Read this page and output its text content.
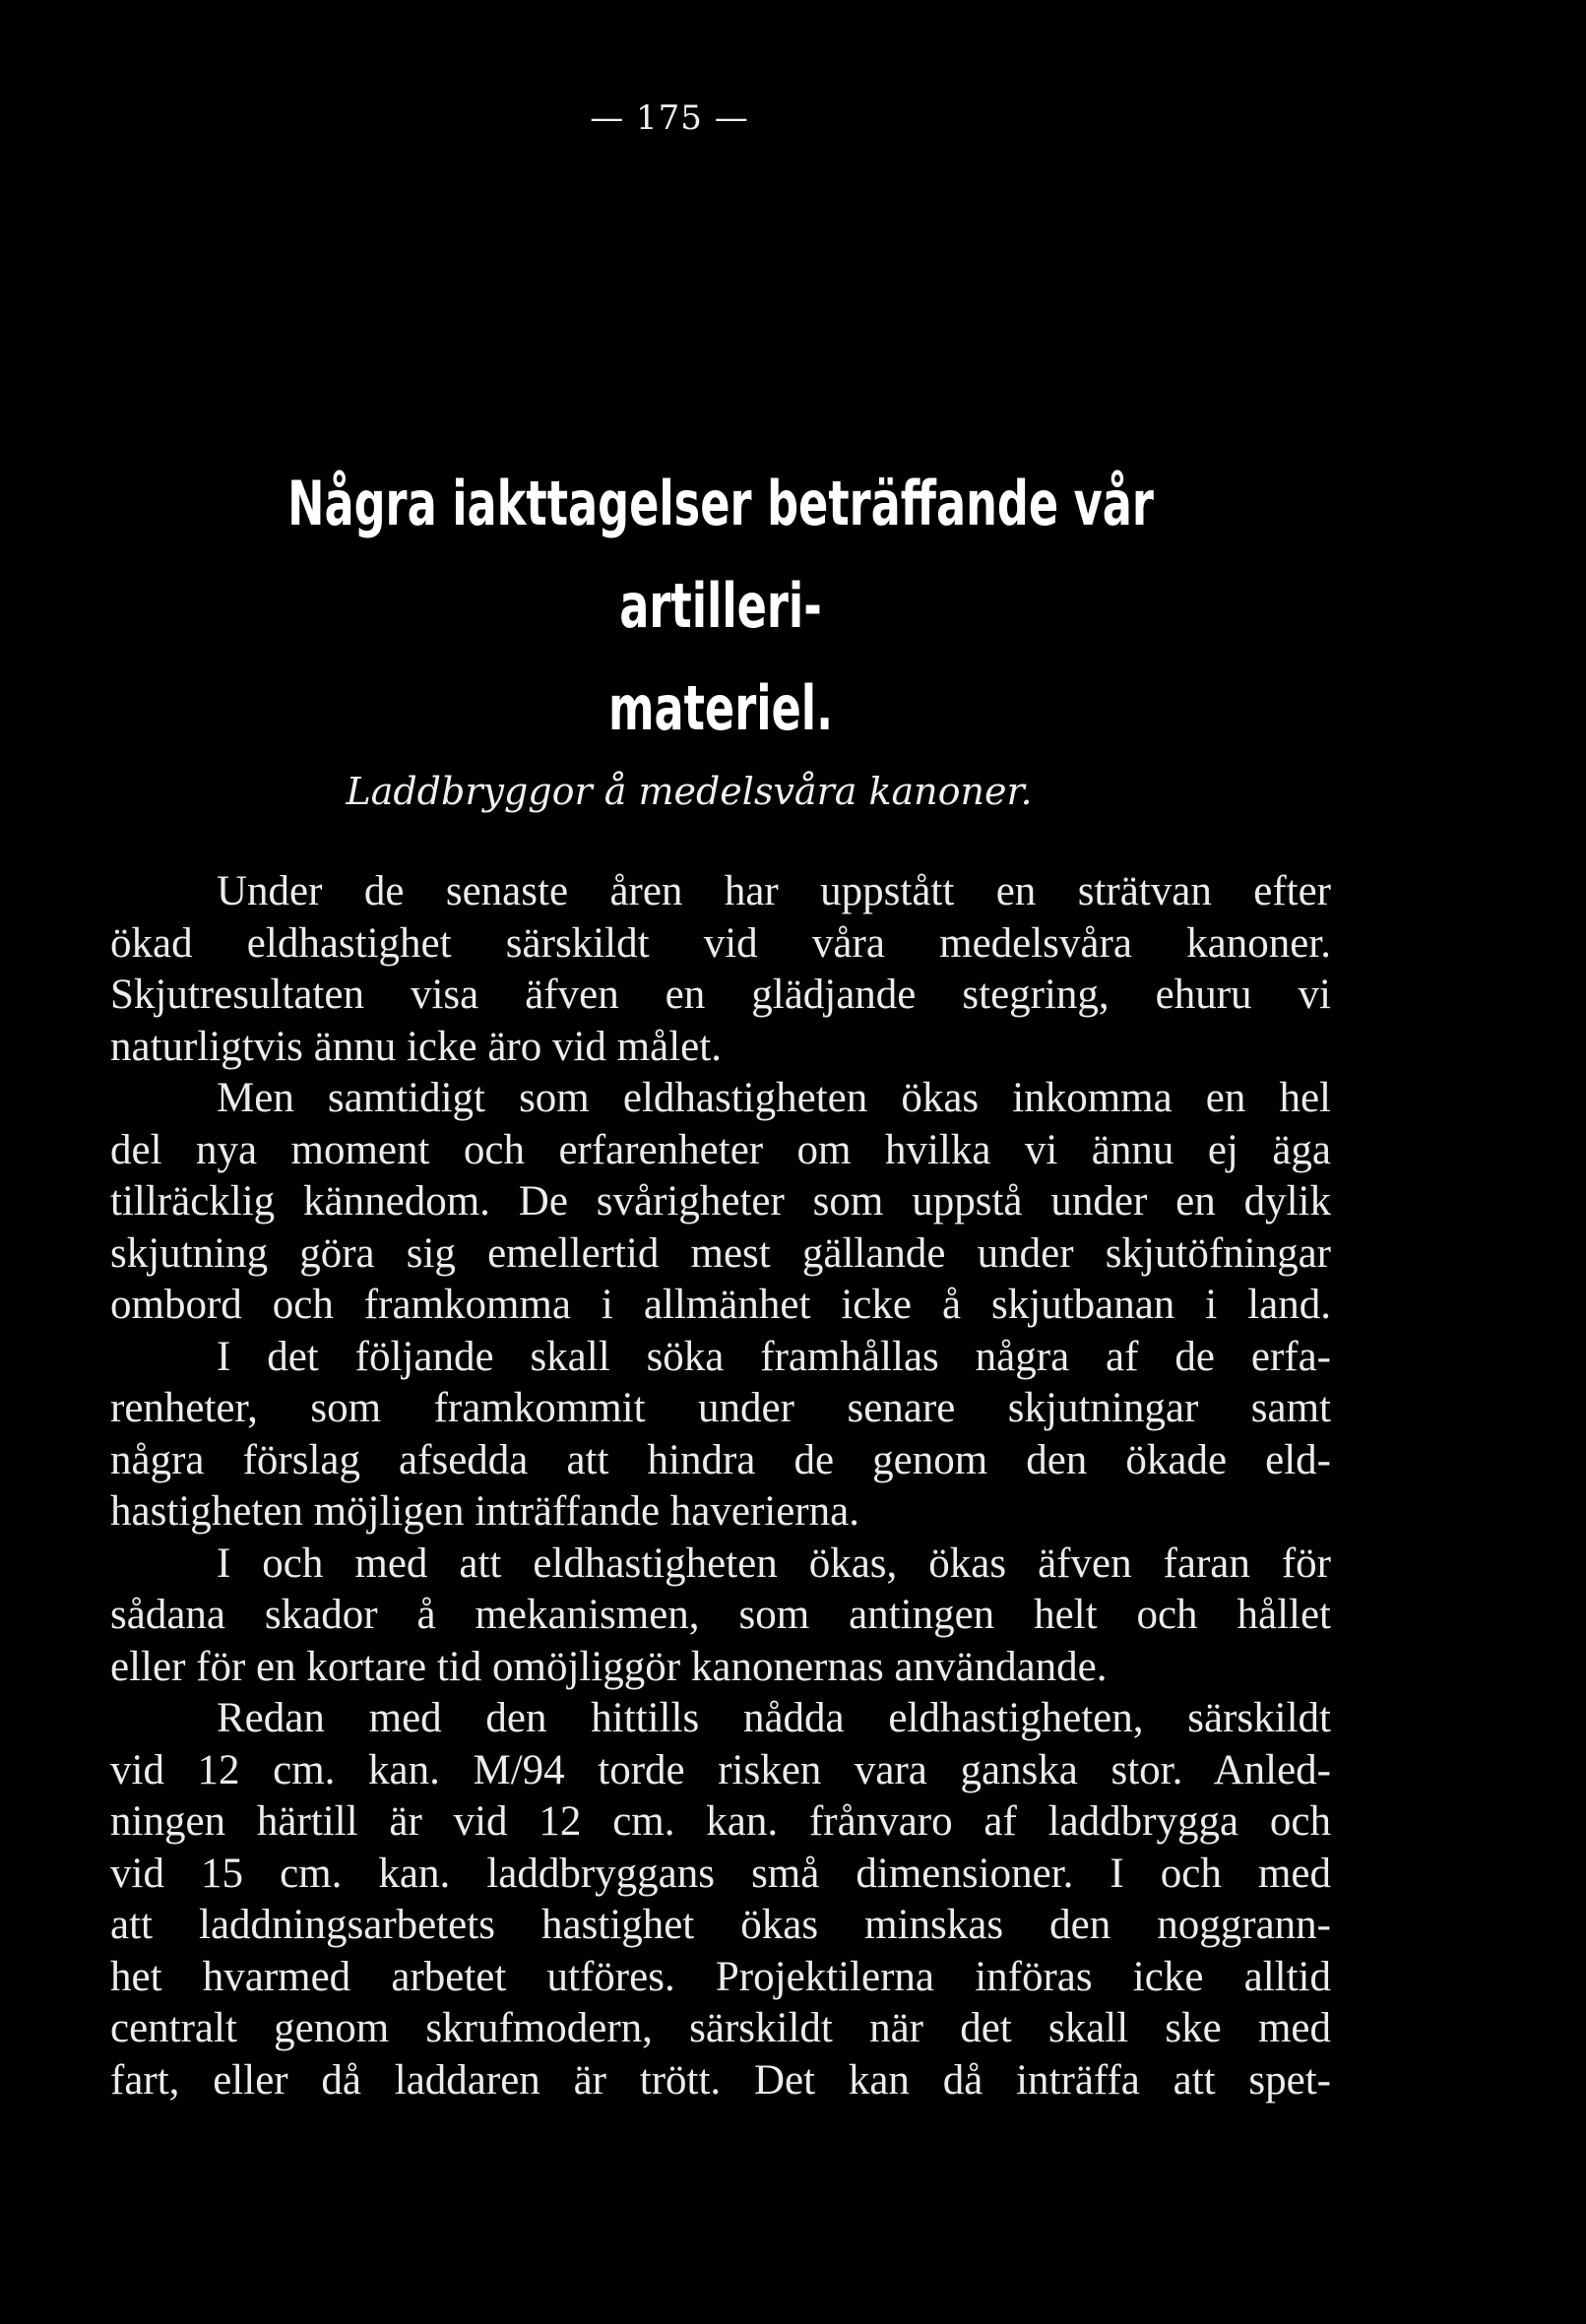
— 175 —
Några iakttagelser beträffande vår artilleri-
materiel.
Laddbryggor å medelsvåra kanoner.
Under de senaste åren har uppstått en strätvan efter
ökad eldhastighet särskildt vid våra medelsvåra kanoner.
Skjutresultaten visa äfven en glädjande stegring, ehuru vi
naturligtvis ännu icke äro vid målet.
Men samtidigt som eldhastigheten ökas inkomma en hel
del nya moment och erfarenheter om hvilka vi ännu ej äga
tillräcklig kännedom. De svårigheter som uppstå under en dylik
skjutning göra sig emellertid mest gällande under skjutöfningar
ombord och framkomma i allmänhet icke å skjutbanan i land.
I det följande skall söka framhållas några af de erfa-
renheter, som framkommit under senare skjutningar samt
några förslag afsedda att hindra de genom den ökade eld-
hastigheten möjligen inträffande haverierna.
I och med att eldhastigheten ökas, ökas äfven faran för
sådana skador å mekanismen, som antingen helt och hållet
eller för en kortare tid omöjliggör kanonernas användande.
Redan med den hittills nådda eldhastigheten, särskildt
vid 12 cm. kan. M/94 torde risken vara ganska stor. Anled-
ningen härtill är vid 12 cm. kan. frånvaro af laddbrygga och
vid 15 cm. kan. laddbryggans små dimensioner. I och med
att laddningsarbetets hastighet ökas minskas den noggrann-
het hvarmed arbetet utföres. Projektilerna införas icke alltid
centralt genom skrufmodern, särskildt när det skall ske med
fart, eller då laddaren är trött. Det kan då inträffa att spet-
